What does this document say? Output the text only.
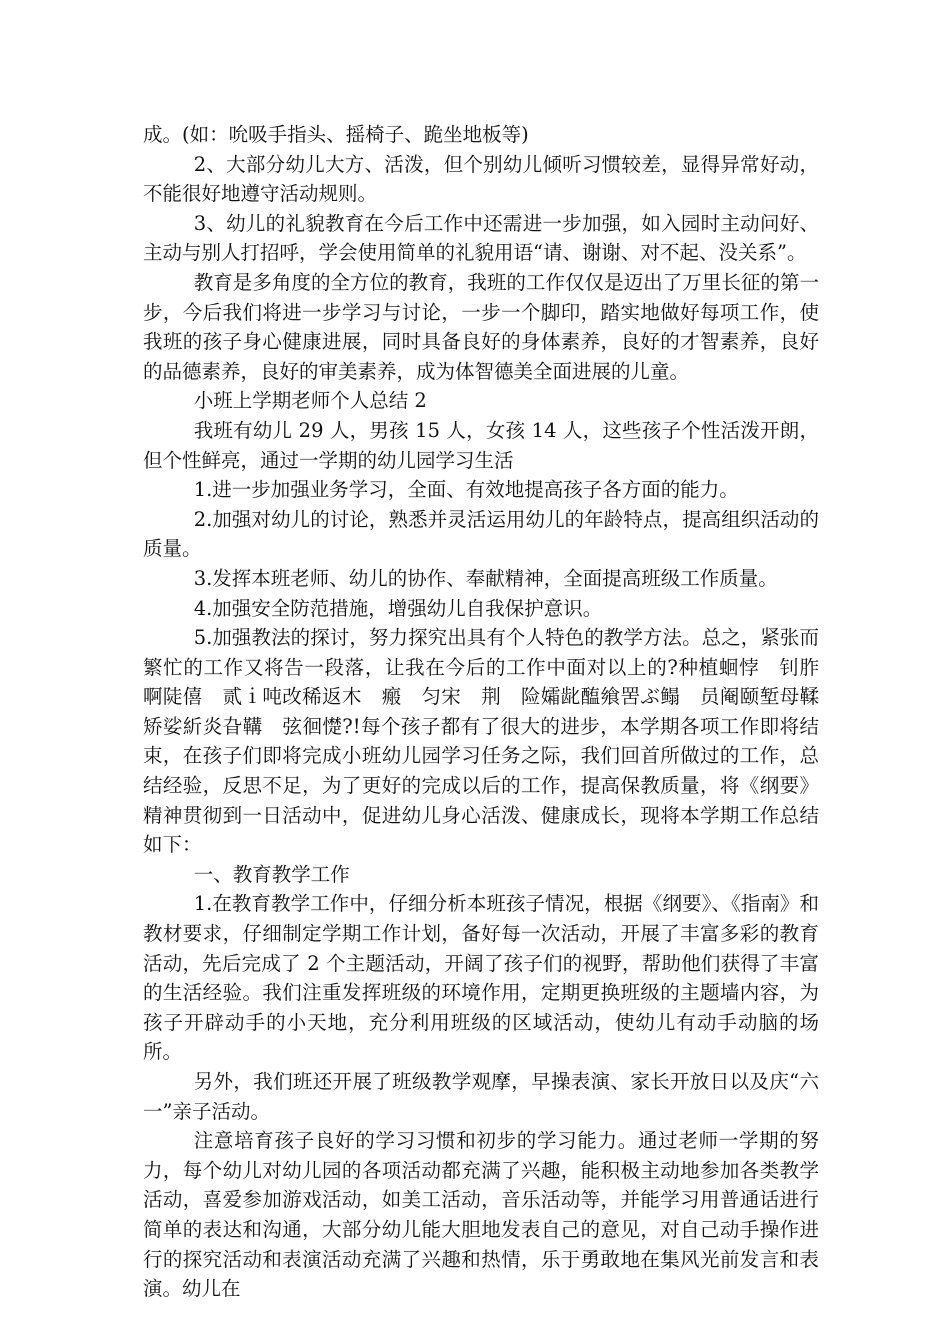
成。(如：吮吸手指头、摇椅子、跪坐地板等)

2、大部分幼儿大方、活泼，但个别幼儿倾听习惯较差，显得异常好动，不能很好地遵守活动规则。

3、幼儿的礼貌教育在今后工作中还需进一步加强，如入园时主动问好、主动与别人打招呼，学会使用简单的礼貌用语“请、谢谢、对不起、没关系”。

教育是多角度的全方位的教育，我班的工作仅仅是迈出了万里长征的第一步，今后我们将进一步学习与讨论，一步一个脚印，踏实地做好每项工作，使我班的孩子身心健康进展，同时具备良好的身体素养，良好的才智素养，良好的品德素养，良好的审美素养，成为体智德美全面进展的儿童。

小班上学期老师个人总结 2

我班有幼儿 29 人，男孩 15 人，女孩 14 人，这些孩子个性活泼开朗，但个性鲜亮，通过一学期的幼儿园学习生活

1.进一步加强业务学习，全面、有效地提高孩子各方面的能力。

2.加强对幼儿的讨论，熟悉并灵活运用幼儿的年龄特点，提高组织活动的质量。

3.发挥本班老师、幼儿的协作、奉献精神，全面提高班级工作质量。

4.加强安全防范措施，增强幼儿自我保护意识。

5.加强教法的探讨，努力探究出具有个人特色的教学方法。总之，紧张而繁忙的工作又将告一段落，让我在今后的工作中面对以上的?种植蛔悖　钊胙　啊陡僖　贰ｉ吨改稀返木　瘢　匀宋　荆　险孀龀醢飨罟ぶ鳎　员阉颐堑母鞣矫娑紤炎旮鞲　弦徊憷?!每个孩子都有了很大的进步，本学期各项工作即将结束，在孩子们即将完成小班幼儿园学习任务之际，我们回首所做过的工作，总结经验，反思不足，为了更好的完成以后的工作，提高保教质量，将《纲要》精神贯彻到一日活动中，促进幼儿身心活泼、健康成长，现将本学期工作总结如下：

一、教育教学工作

1.在教育教学工作中，仔细分析本班孩子情况，根据《纲要》、《指南》和教材要求，仔细制定学期工作计划，备好每一次活动，开展了丰富多彩的教育活动，先后完成了 2 个主题活动，开阔了孩子们的视野，帮助他们获得了丰富的生活经验。我们注重发挥班级的环境作用，定期更换班级的主题墙内容，为孩子开辟动手的小天地，充分利用班级的区域活动，使幼儿有动手动脑的场所。

另外，我们班还开展了班级教学观摩，早操表演、家长开放日以及庆“六一”亲子活动。

注意培育孩子良好的学习习惯和初步的学习能力。通过老师一学期的努力，每个幼儿对幼儿园的各项活动都充满了兴趣，能积极主动地参加各类教学活动，喜爱参加游戏活动，如美工活动，音乐活动等，并能学习用普通话进行简单的表达和沟通，大部分幼儿能大胆地发表自己的意见，对自己动手操作进行的探究活动和表演活动充满了兴趣和热情，乐于勇敢地在集风光前发言和表演。幼儿在
